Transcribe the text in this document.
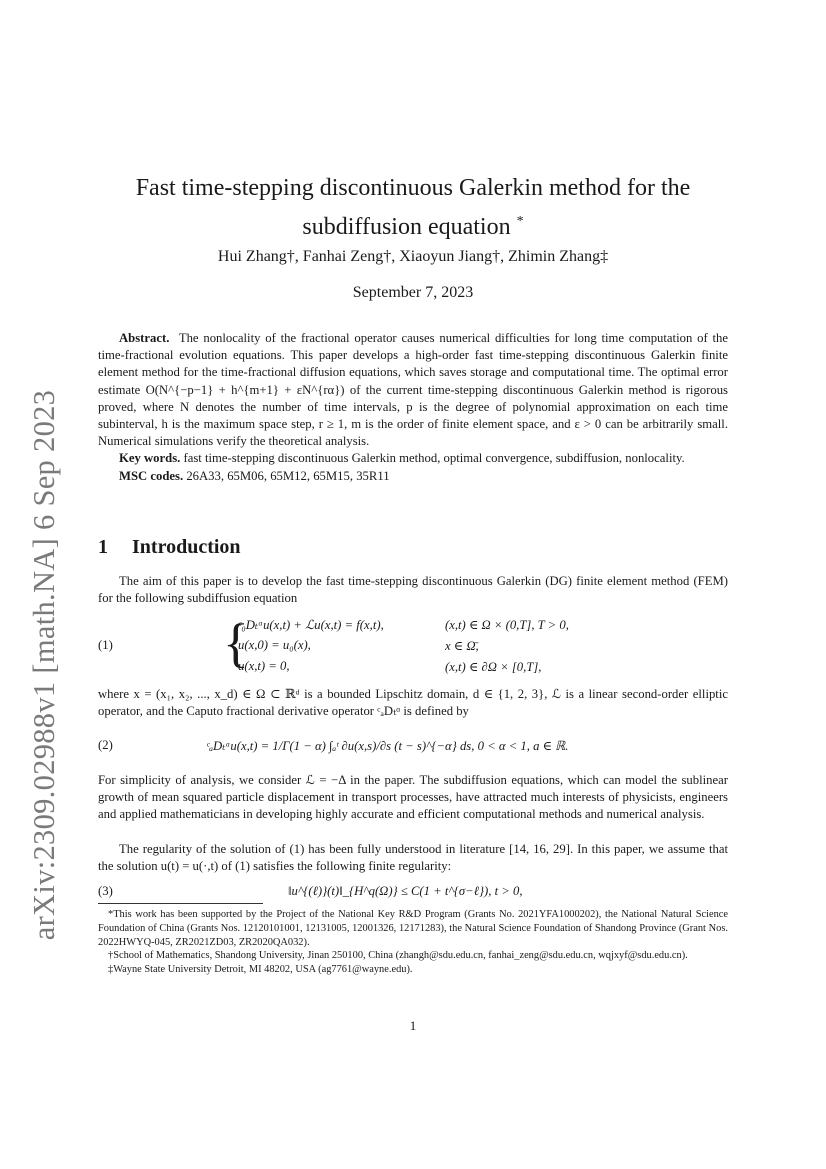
arXiv:2309.02988v1 [math.NA] 6 Sep 2023
Fast time-stepping discontinuous Galerkin method for the
subdiffusion equation *
Hui Zhang†, Fanhai Zeng†, Xiaoyun Jiang†, Zhimin Zhang‡
September 7, 2023

Abstract. The nonlocality of the fractional operator causes numerical difficulties for long time computation of the time-fractional evolution equations. This paper develops a high-order fast time-stepping discontinuous Galerkin finite element method for the time-fractional diffusion equations, which saves storage and computational time. The optimal error estimate O(N^{−p−1} + h^{m+1} + εN^{rα}) of the current time-stepping discontinuous Galerkin method is rigorous proved, where N denotes the number of time intervals, p is the degree of polynomial approximation on each time subinterval, h is the maximum space step, r ≥ 1, m is the order of finite element space, and ε > 0 can be arbitrarily small. Numerical simulations verify the theoretical analysis.

Key words. fast time-stepping discontinuous Galerkin method, optimal convergence, subdiffusion, nonlocality.

MSC codes. 26A33, 65M06, 65M12, 65M15, 35R11

1 Introduction
The aim of this paper is to develop the fast time-stepping discontinuous Galerkin (DG) finite element method (FEM) for the following subdiffusion equation
(1) {
ᶜ₀Dₜᵅu(x,t) + ℒu(x,t) = f(x,t),	(x,t) ∈ Ω × (0,T], T > 0,
u(x,0) = u₀(x),	x ∈ Ω̄,
u(x,t) = 0,	(x,t) ∈ ∂Ω × [0,T],
where x = (x₁, x₂, ..., x_d) ∈ Ω ⊂ ℝᵈ is a bounded Lipschitz domain, d ∈ {1, 2, 3}, ℒ is a linear second-order elliptic operator, and the Caputo fractional derivative operator ᶜₐDₜᵅ is defined by
(2)	ᶜₐDₜᵅu(x,t) = 1/Γ(1 − α) ∫ₐᵗ ∂u(x,s)/∂s (t − s)^{−α} ds, 0 < α < 1, a ∈ ℝ.
For simplicity of analysis, we consider ℒ = −Δ in the paper. The subdiffusion equations, which can model the sublinear growth of mean squared particle displacement in transport processes, have attracted much interests of physicists, engineers and applied mathematicians in developing highly accurate and efficient computational methods and numerical analysis.
The regularity of the solution of (1) has been fully understood in literature [14, 16, 29]. In this paper, we assume that the solution u(t) = u(·,t) of (1) satisfies the following finite regularity:
(3)	‖u^{(ℓ)}(t)‖_{H^q(Ω)} ≤ C(1 + t^{σ−ℓ}), t > 0,

*This work has been supported by the Project of the National Key R&D Program (Grants No. 2021YFA1000202), the National Natural Science Foundation of China (Grants Nos. 12120101001, 12131005, 12001326, 12171283), the Natural Science Foundation of Shandong Province (Grant Nos. 2022HWYQ-045, ZR2021ZD03, ZR2020QA032).

†School of Mathematics, Shandong University, Jinan 250100, China (zhangh@sdu.edu.cn, fanhai_zeng@sdu.edu.cn, wqjxyf@sdu.edu.cn).

‡Wayne State University Detroit, MI 48202, USA (ag7761@wayne.edu).

1
